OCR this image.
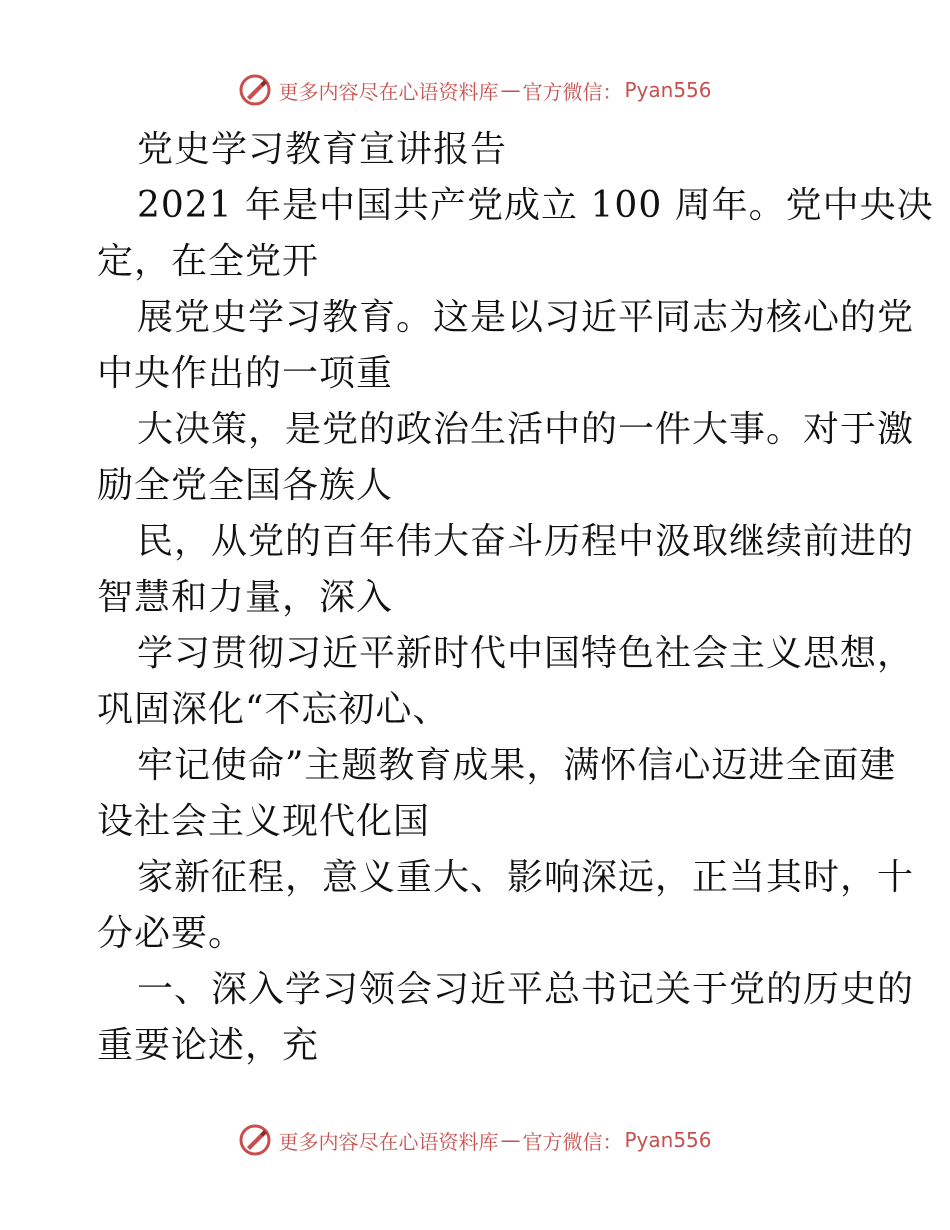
更多内容尽在心语资料库 — 官方微信： Pyan556
党史学习教育宣讲报告
2021 年是中国共产党成立 100 周年。党中央决
定，在全党开
展党史学习教育。这是以习近平同志为核心的党
中央作出的一项重
大决策，是党的政治生活中的一件大事。对于激
励全党全国各族人
民，从党的百年伟大奋斗历程中汲取继续前进的
智慧和力量，深入
学习贯彻习近平新时代中国特色社会主义思想，
巩固深化“不忘初心、
牢记使命”主题教育成果，满怀信心迈进全面建
设社会主义现代化国
家新征程，意义重大、影响深远，正当其时，十
分必要。
一、深入学习领会习近平总书记关于党的历史的
重要论述，充
更多内容尽在心语资料库 — 官方微信： Pyan556
